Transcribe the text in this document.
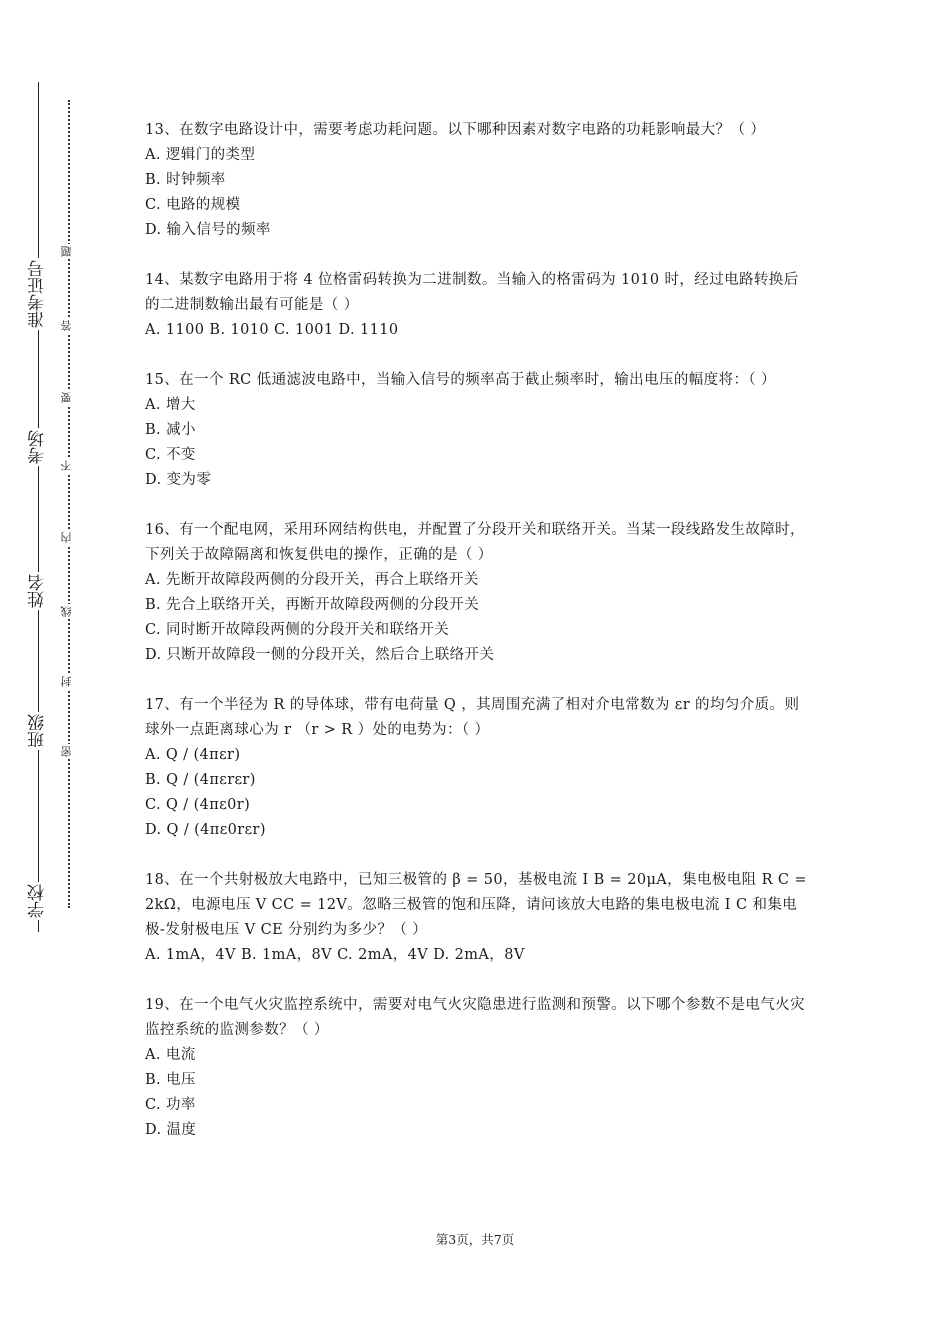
准考证号
考场
姓名
班级
学校
题
答
要
不
内
线
封
密

13、在数字电路设计中，需要考虑功耗问题。以下哪种因素对数字电路的功耗影响最大？（ ）

A. 逻辑门的类型

B. 时钟频率

C. 电路的规模

D. 输入信号的频率

14、某数字电路用于将 4 位格雷码转换为二进制数。当输入的格雷码为 1010 时，经过电路转换后的二进制数输出最有可能是（ ）

A. 1100 B. 1010 C. 1001 D. 1110

15、在一个 RC 低通滤波电路中，当输入信号的频率高于截止频率时，输出电压的幅度将：（ ）

A. 增大

B. 减小

C. 不变

D. 变为零

16、有一个配电网，采用环网结构供电，并配置了分段开关和联络开关。当某一段线路发生故障时，下列关于故障隔离和恢复供电的操作，正确的是（ ）

A. 先断开故障段两侧的分段开关，再合上联络开关

B. 先合上联络开关，再断开故障段两侧的分段开关

C. 同时断开故障段两侧的分段开关和联络开关

D. 只断开故障段一侧的分段开关，然后合上联络开关

17、有一个半径为 R 的导体球，带有电荷量 Q ，其周围充满了相对介电常数为 εr 的均匀介质。则球外一点距离球心为 r （r > R ）处的电势为：（ ）

A. Q / (4πεr)

B. Q / (4πεrεr)

C. Q / (4πε0r)

D. Q / (4πε0rεr)

18、在一个共射极放大电路中，已知三极管的 β = 50，基极电流 I B = 20μA，集电极电阻 R C = 2kΩ，电源电压 V CC = 12V。忽略三极管的饱和压降，请问该放大电路的集电极电流 I C 和集电极-发射极电压 V CE 分别约为多少？（ ）

A. 1mA，4V B. 1mA，8V C. 2mA，4V D. 2mA，8V

19、在一个电气火灾监控系统中，需要对电气火灾隐患进行监测和预警。以下哪个参数不是电气火灾监控系统的监测参数？（ ）

A. 电流

B. 电压

C. 功率

D. 温度

第3页，共7页
